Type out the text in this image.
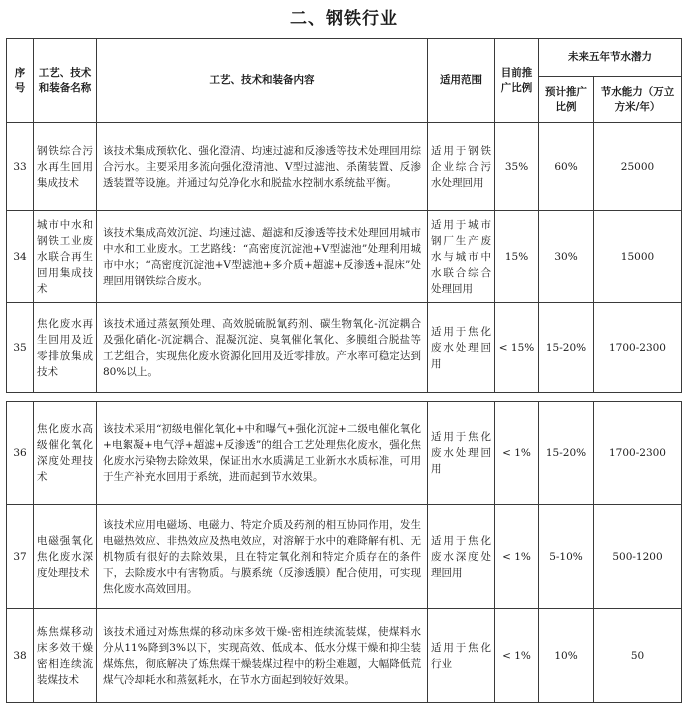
二、钢铁行业
序号	工艺、技术和装备名称	工艺、技术和装备内容	适用范围	目前推广比例	未来五年节水潜力	
					预计推广比例	节水能力（万立方米/年）
33	钢铁综合污水再生回用集成技术	该技术集成预软化、强化澄清、均速过滤和反渗透等技术处理回用综合污水。主要采用多流向强化澄清池、V型过滤池、杀菌装置、反渗透装置等设施。并通过勾兑净化水和脱盐水控制水系统盐平衡。	适用于钢铁企业综合污水处理回用	35%	60%	25000
34	城市中水和钢铁工业废水联合再生回用集成技术	该技术集成高效沉淀、均速过滤、超滤和反渗透等技术处理回用城市中水和工业废水。工艺路线：“高密度沉淀池+V型滤池”处理利用城市中水；“高密度沉淀池+V型滤池+多介质+超滤+反渗透+混床”处理回用钢铁综合废水。	适用于城市钢厂生产废水与城市中水联合综合处理回用	15%	30%	15000
35	焦化废水再生回用及近零排放集成技术	该技术通过蒸氨预处理、高效脱硫脱氰药剂、碳生物氧化-沉淀耦合及强化硝化-沉淀耦合、混凝沉淀、臭氧催化氧化、多膜组合脱盐等工艺组合，实现焦化废水资源化回用及近零排放。产水率可稳定达到80%以上。	适用于焦化废水处理回用	< 15%	15-20%	1700-2300
36	焦化废水高级催化氧化深度处理技术	该技术采用“初级电催化氧化+中和曝气+强化沉淀+二级电催化氧化+电絮凝+电气浮+超滤+反渗透”的组合工艺处理焦化废水，强化焦化废水污染物去除效果，保证出水水质满足工业新水水质标准，可用于生产补充水回用于系统，进而起到节水效果。	适用于焦化废水处理回用	< 1%	15-20%	1700-2300
37	电磁强氧化焦化废水深度处理技术	该技术应用电磁场、电磁力、特定介质及药剂的相互协同作用，发生电磁热效应、非热效应及热电效应，对溶解于水中的难降解有机、无机物质有很好的去除效果，且在特定氧化剂和特定介质存在的条件下，去除废水中有害物质。与膜系统（反渗透膜）配合使用，可实现焦化废水高效回用。	适用于焦化废水深度处理回用	< 1%	5-10%	500-1200
38	炼焦煤移动床多效干燥密相连续流装煤技术	该技术通过对炼焦煤的移动床多效干燥-密相连续流装煤，使煤料水分从11%降到3%以下，实现高效、低成本、低水分煤干燥和抑尘装煤炼焦，彻底解决了炼焦煤干燥装煤过程中的粉尘难题，大幅降低荒煤气冷却耗水和蒸氨耗水，在节水方面起到较好效果。	适用于焦化行业	< 1%	10%	50
